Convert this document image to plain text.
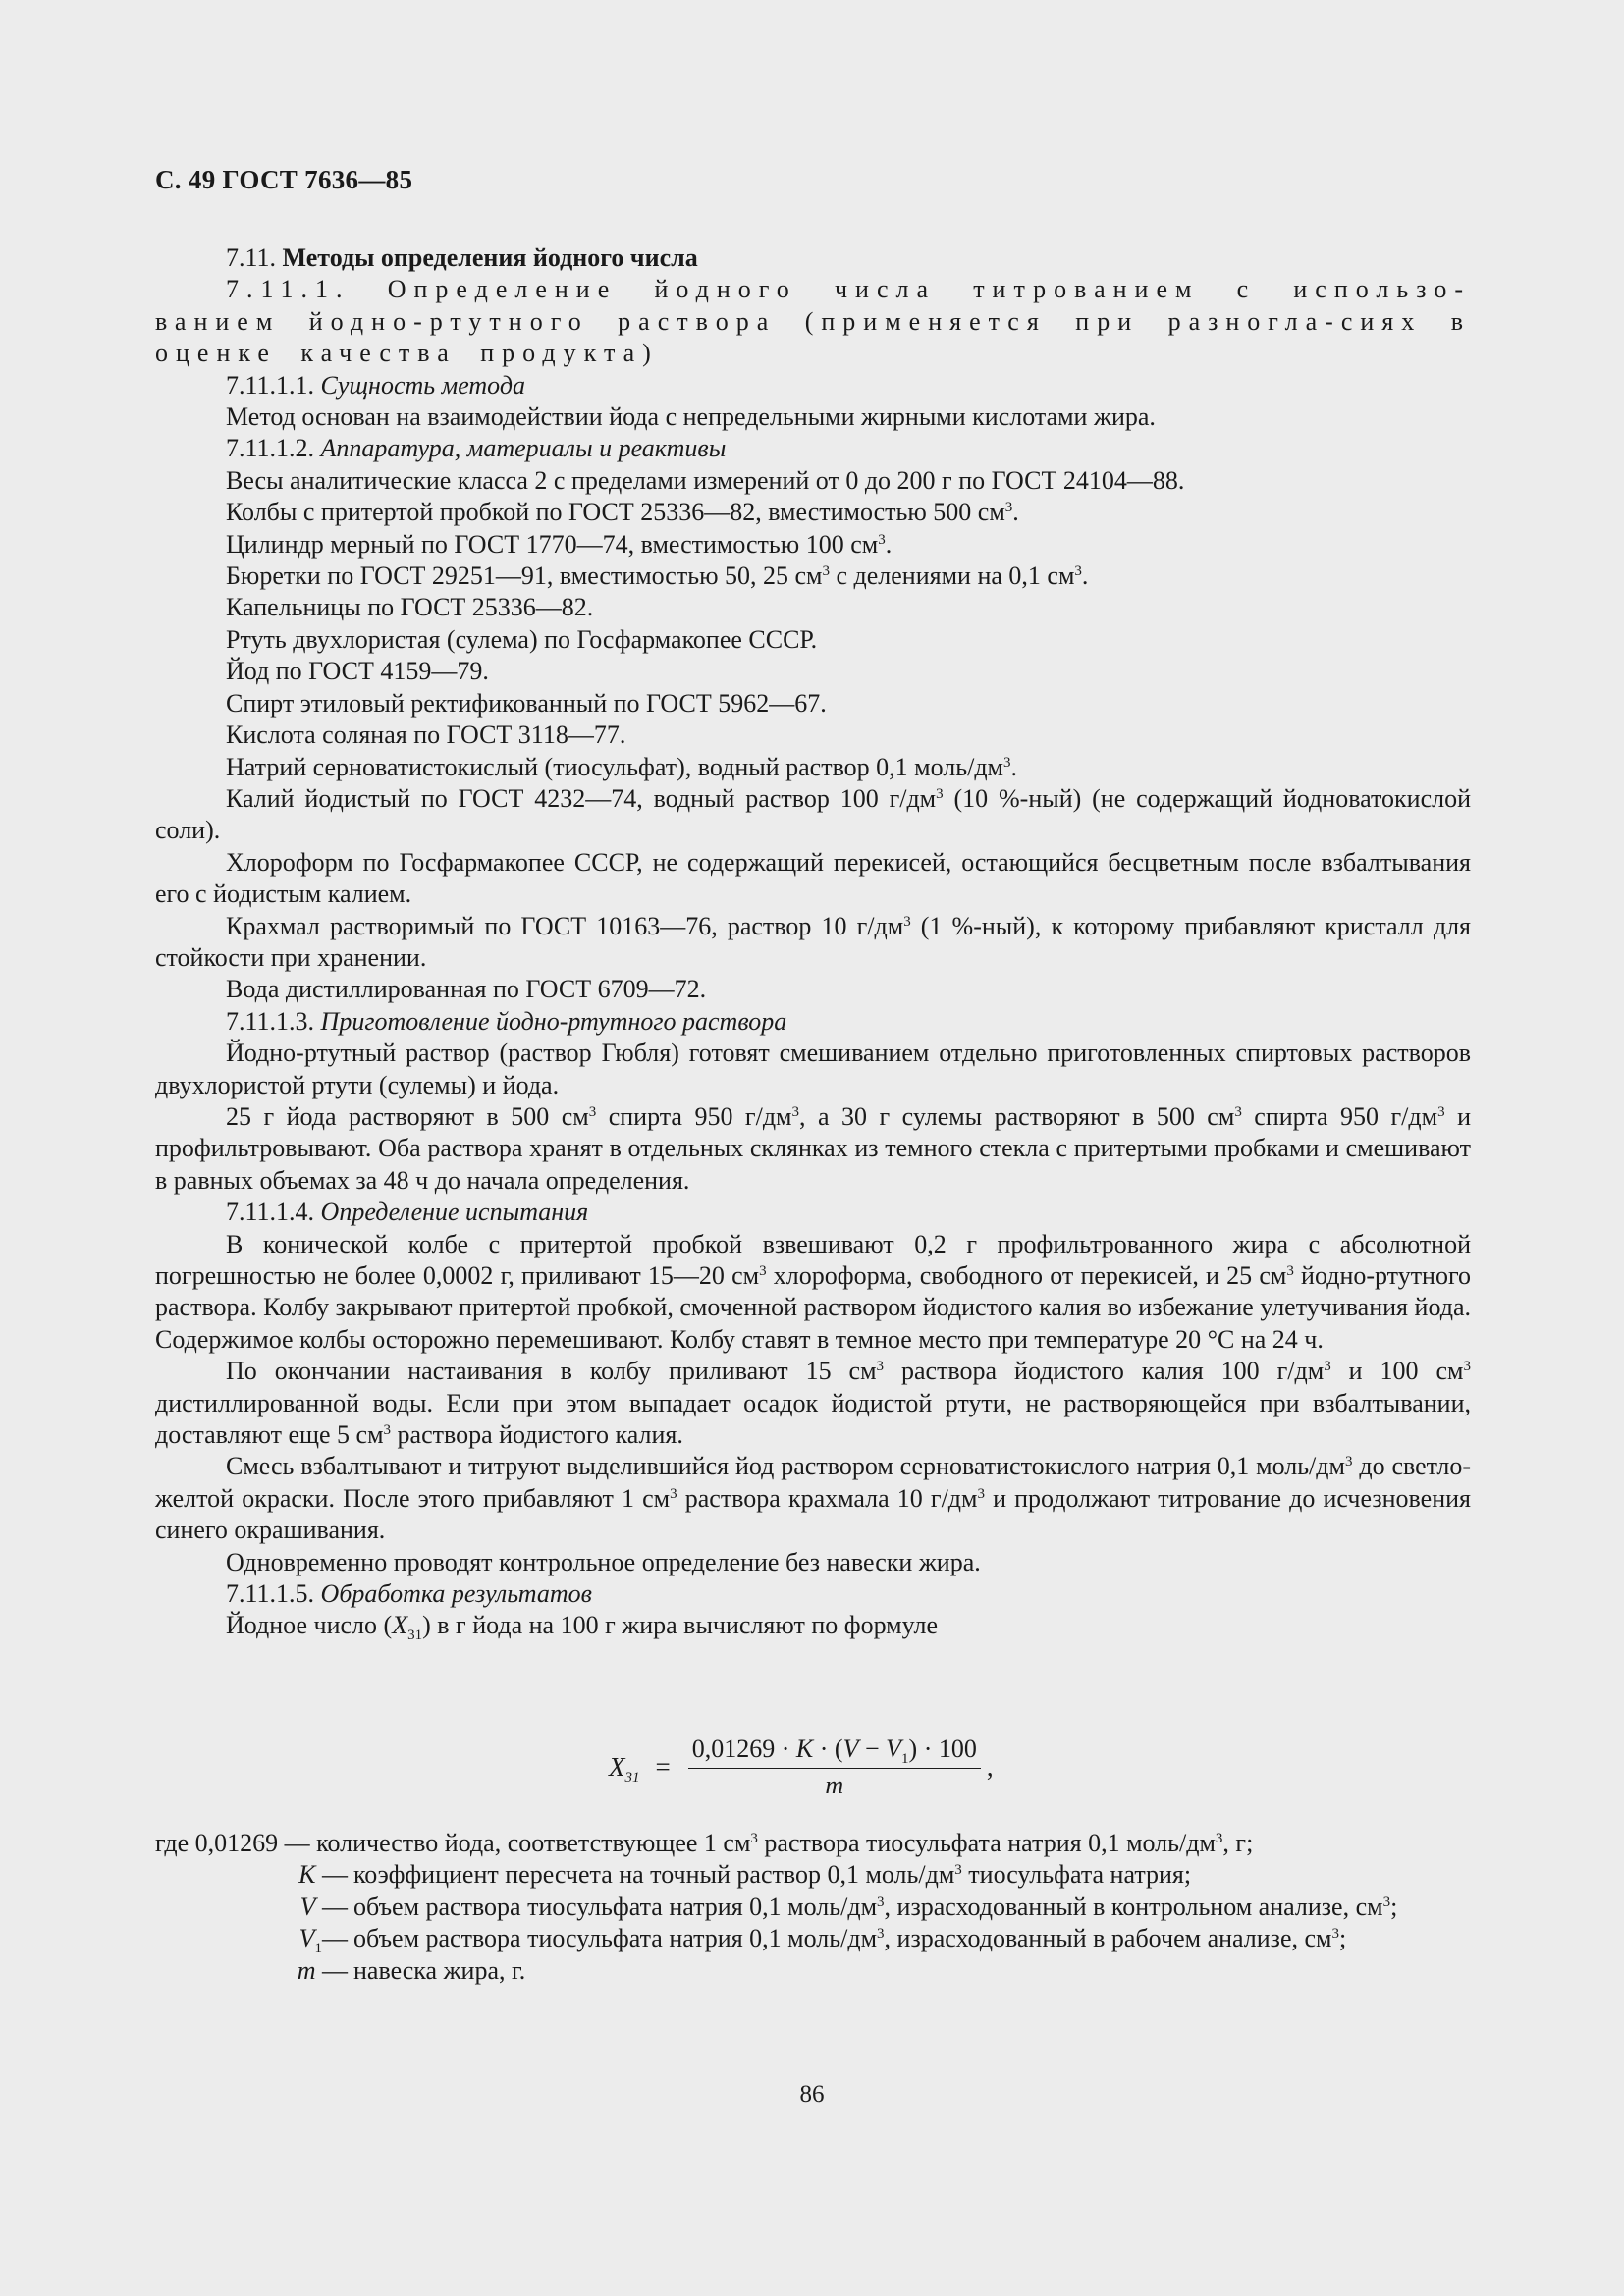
С. 49 ГОСТ 7636—85

7.11. Методы определения йодного числа

7.11.1. Определение йодного числа титрованием с использо-ванием йодно-ртутного раствора (применяется при разногла-сиях в оценке качества продукта)

7.11.1.1. Сущность метода

Метод основан на взаимодействии йода с непредельными жирными кислотами жира.

7.11.1.2. Аппаратура, материалы и реактивы

Весы аналитические класса 2 с пределами измерений от 0 до 200 г по ГОСТ 24104—88.

Колбы с притертой пробкой по ГОСТ 25336—82, вместимостью 500 $см^3$.

Цилиндр мерный по ГОСТ 1770—74, вместимостью 100 $см^3$.

Бюретки по ГОСТ 29251—91, вместимостью 50, 25 $см^3$ с делениями на 0,1 $см^3$.

Капельницы по ГОСТ 25336—82.

Ртуть двухлористая (сулема) по Госфармакопее СССР.

Йод по ГОСТ 4159—79.

Спирт этиловый ректификованный по ГОСТ 5962—67.

Кислота соляная по ГОСТ 3118—77.

Натрий серноватистокислый (тиосульфат), водный раствор 0,1 моль/$дм^3$.

Калий йодистый по ГОСТ 4232—74, водный раствор 100 $г/дм^3$ (10 %-ный) (не содержащий йодноватокислой соли).

Хлороформ по Госфармакопее СССР, не содержащий перекисей, остающийся бесцветным после взбалтывания его с йодистым калием.

Крахмал растворимый по ГОСТ 10163—76, раствор 10 $г/дм^3$ (1 %-ный), к которому прибавляют кристалл для стойкости при хранении.

Вода дистиллированная по ГОСТ 6709—72.

7.11.1.3. Приготовление йодно-ртутного раствора

Йодно-ртутный раствор (раствор Гюбля) готовят смешиванием отдельно приготовленных спиртовых растворов двухлористой ртути (сулемы) и йода.

25 г йода растворяют в 500 $см^3$ спирта 950 $г/дм^3$, а 30 г сулемы растворяют в 500 $см^3$ спирта 950 $г/дм^3$ и профильтровывают. Оба раствора хранят в отдельных склянках из темного стекла с притертыми пробками и смешивают в равных объемах за 48 ч до начала определения.

7.11.1.4. Определение испытания

В конической колбе с притертой пробкой взвешивают 0,2 г профильтрованного жира с абсолютной погрешностью не более 0,0002 г, приливают 15—20 $см^3$ хлороформа, свободного от перекисей, и 25 $см^3$ йодно-ртутного раствора. Колбу закрывают притертой пробкой, смоченной раствором йодистого калия во избежание улетучивания йода. Содержимое колбы осторожно перемешивают. Колбу ставят в темное место при температуре 20 °С на 24 ч.

По окончании настаивания в колбу приливают 15 $см^3$ раствора йодистого калия 100 $г/дм^3$ и 100 $см^3$ дистиллированной воды. Если при этом выпадает осадок йодистой ртути, не растворяющейся при взбалтывании, доставляют еще 5 $см^3$ раствора йодистого калия.

Смесь взбалтывают и титруют выделившийся йод раствором серноватистокислого натрия 0,1 моль/$дм^3$ до светло-желтой окраски. После этого прибавляют 1 $см^3$ раствора крахмала 10 $г/дм^3$ и продолжают титрование до исчезновения синего окрашивания.

Одновременно проводят контрольное определение без навески жира.

7.11.1.5. Обработка результатов

Йодное число $(X_{31})$ в г йода на 100 г жира вычисляют по формуле

$X_{31} = \frac{0,01269 \cdot K \cdot (V - V_1) \cdot 100}{m}$ ,

где 0,01269 — количество йода, соответствующее 1 $см^3$ раствора тиосульфата натрия 0,1 моль/$дм^3$, г;

K — коэффициент пересчета на точный раствор 0,1 моль/$дм^3$ тиосульфата натрия;
V — объем раствора тиосульфата натрия 0,1 моль/$дм^3$, израсходованный в контрольном анализе, $см^3$;
$V_1—$ объем раствора тиосульфата натрия 0,1 моль/$дм^3$, израсходованный в рабочем анализе, $см^3$;
m — навеска жира, г.
86
